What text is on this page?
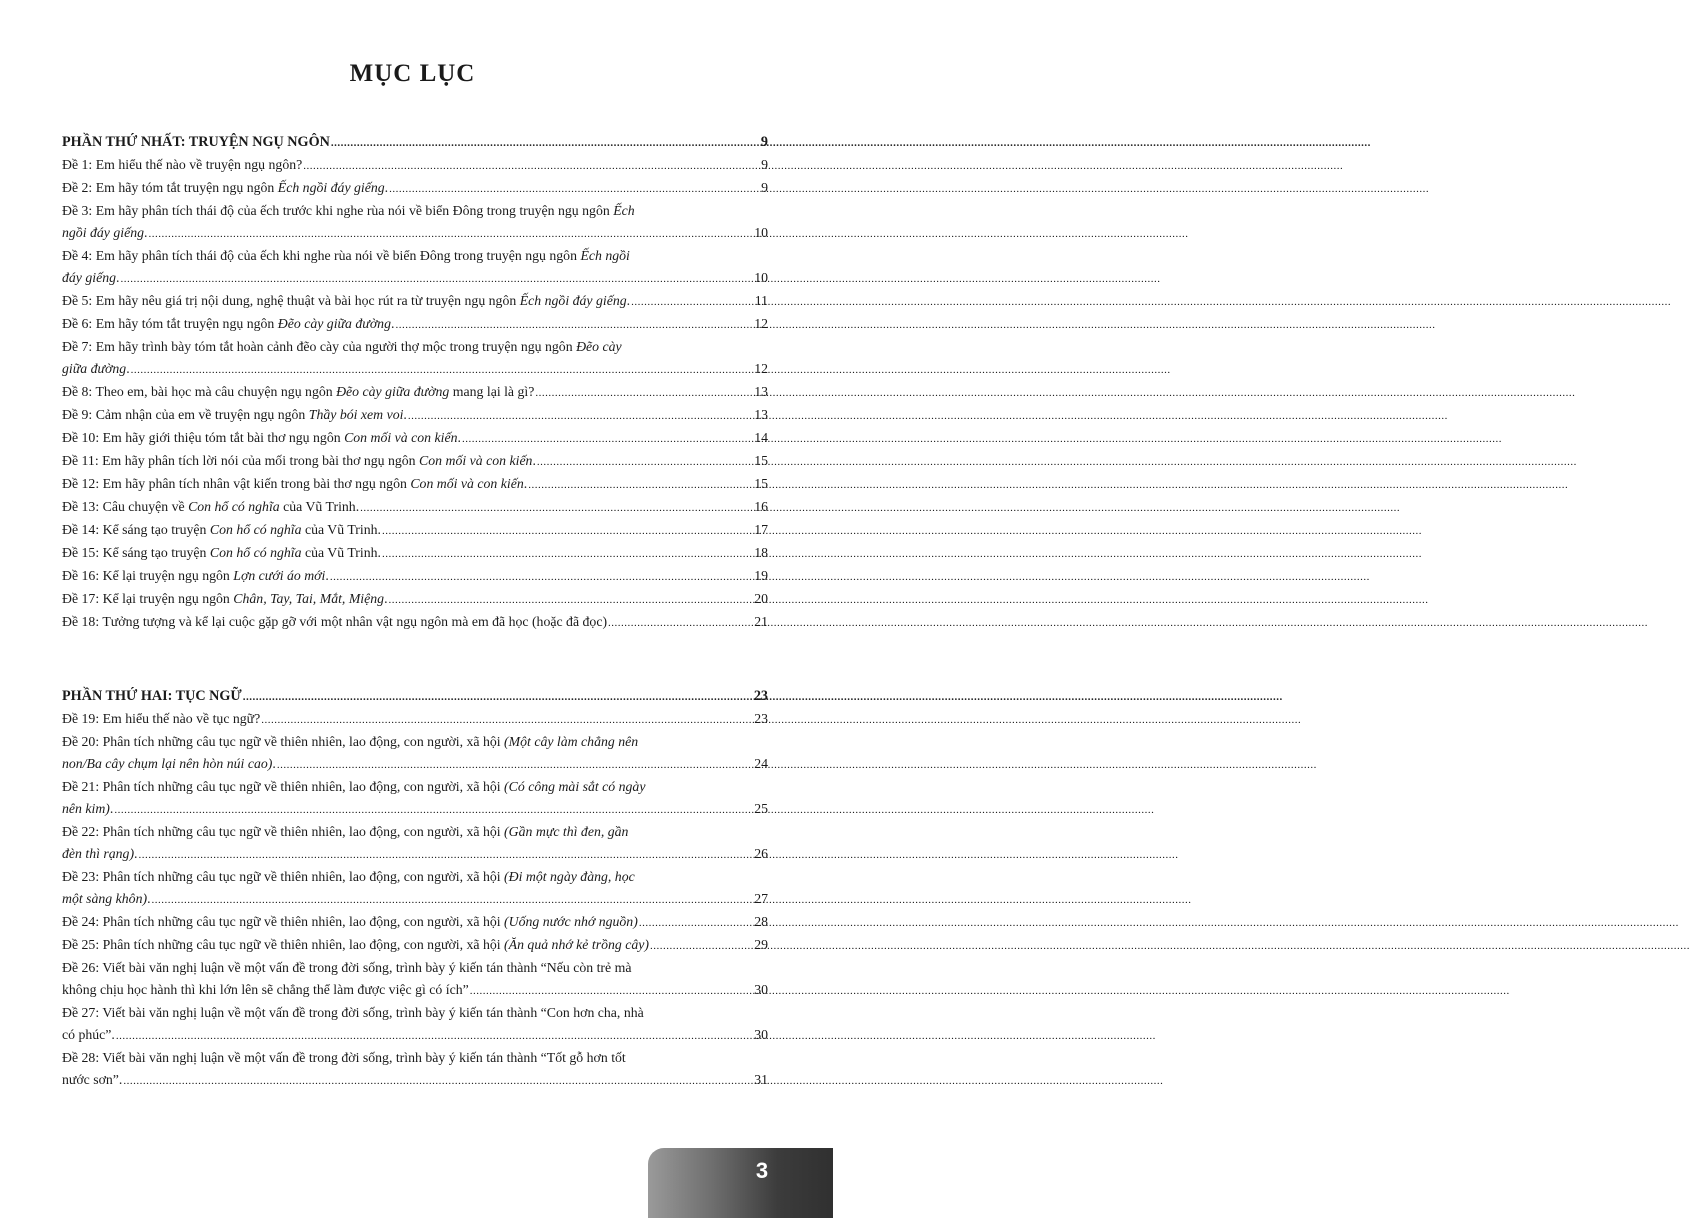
MỤC LỤC
PHẦN THỨ NHẤT: TRUYỆN NGỤ NGÔN .....	9
Đề 1: Em hiểu thế nào về truyện ngụ ngôn? .....	9
Đề 2: Em hãy tóm tắt truyện ngụ ngôn Ếch ngồi đáy giếng. .....	9
Đề 3: Em hãy phân tích thái độ của ếch trước khi nghe rùa nói về biển Đông trong truyện ngụ ngôn Ếch
ngồi đáy giếng. .....	10
Đề 4: Em hãy phân tích thái độ của ếch khi nghe rùa nói về biển Đông trong truyện ngụ ngôn Ếch ngồi
đáy giếng. .....	10
Đề 5: Em hãy nêu giá trị nội dung, nghệ thuật và bài học rút ra từ truyện ngụ ngôn Ếch ngồi đáy giếng. .....	11
Đề 6: Em hãy tóm tắt truyện ngụ ngôn Đẽo cày giữa đường. .....	12
Đề 7: Em hãy trình bày tóm tắt hoàn cảnh đẽo cày của người thợ mộc trong truyện ngụ ngôn Đẽo cày
giữa đường. .....	12
Đề 8: Theo em, bài học mà câu chuyện ngụ ngôn Đẽo cày giữa đường mang lại là gì? .....	13
Đề 9: Cảm nhận của em về truyện ngụ ngôn Thầy bói xem voi. .....	13
Đề 10: Em hãy giới thiệu tóm tắt bài thơ ngụ ngôn Con mối và con kiến. .....	14
Đề 11: Em hãy phân tích lời nói của mối trong bài thơ ngụ ngôn Con mối và con kiến. .....	15
Đề 12: Em hãy phân tích nhân vật kiến trong bài thơ ngụ ngôn Con mối và con kiến. .....	15
Đề 13: Câu chuyện về Con hổ có nghĩa của Vũ Trinh. .....	16
Đề 14: Kể sáng tạo truyện Con hổ có nghĩa của Vũ Trinh. .....	17
Đề 15: Kể sáng tạo truyện Con hổ có nghĩa của Vũ Trinh. .....	18
Đề 16: Kể lại truyện ngụ ngôn Lợn cưới áo mới. .....	19
Đề 17: Kể lại truyện ngụ ngôn Chân, Tay, Tai, Mắt, Miệng. .....	20
Đề 18: Tưởng tượng và kể lại cuộc gặp gỡ với một nhân vật ngụ ngôn mà em đã học (hoặc đã đọc) .....	21
PHẦN THỨ HAI: TỤC NGỮ .....	23
Đề 19: Em hiểu thế nào về tục ngữ? .....	23
Đề 20: Phân tích những câu tục ngữ về thiên nhiên, lao động, con người, xã hội (Một cây làm chẳng nên
non/Ba cây chụm lại nên hòn núi cao). .....	24
Đề 21: Phân tích những câu tục ngữ về thiên nhiên, lao động, con người, xã hội (Có công mài sắt có ngày
nên kim). .....	25
Đề 22: Phân tích những câu tục ngữ về thiên nhiên, lao động, con người, xã hội (Gần mực thì đen, gần
đèn thì rạng). .....	26
Đề 23: Phân tích những câu tục ngữ về thiên nhiên, lao động, con người, xã hội (Đi một ngày đàng, học
một sàng khôn). .....	27
Đề 24: Phân tích những câu tục ngữ về thiên nhiên, lao động, con người, xã hội (Uống nước nhớ nguồn) .....	28
Đề 25: Phân tích những câu tục ngữ về thiên nhiên, lao động, con người, xã hội (Ăn quả nhớ kẻ trồng cây) .....	29
Đề 26: Viết bài văn nghị luận về một vấn đề trong đời sống, trình bày ý kiến tán thành “Nếu còn trẻ mà
không chịu học hành thì khi lớn lên sẽ chẳng thể làm được việc gì có ích” .....	30
Đề 27: Viết bài văn nghị luận về một vấn đề trong đời sống, trình bày ý kiến tán thành “Con hơn cha, nhà
có phúc”. .....	30
Đề 28: Viết bài văn nghị luận về một vấn đề trong đời sống, trình bày ý kiến tán thành “Tốt gỗ hơn tốt
nước sơn”. .....	31
3
